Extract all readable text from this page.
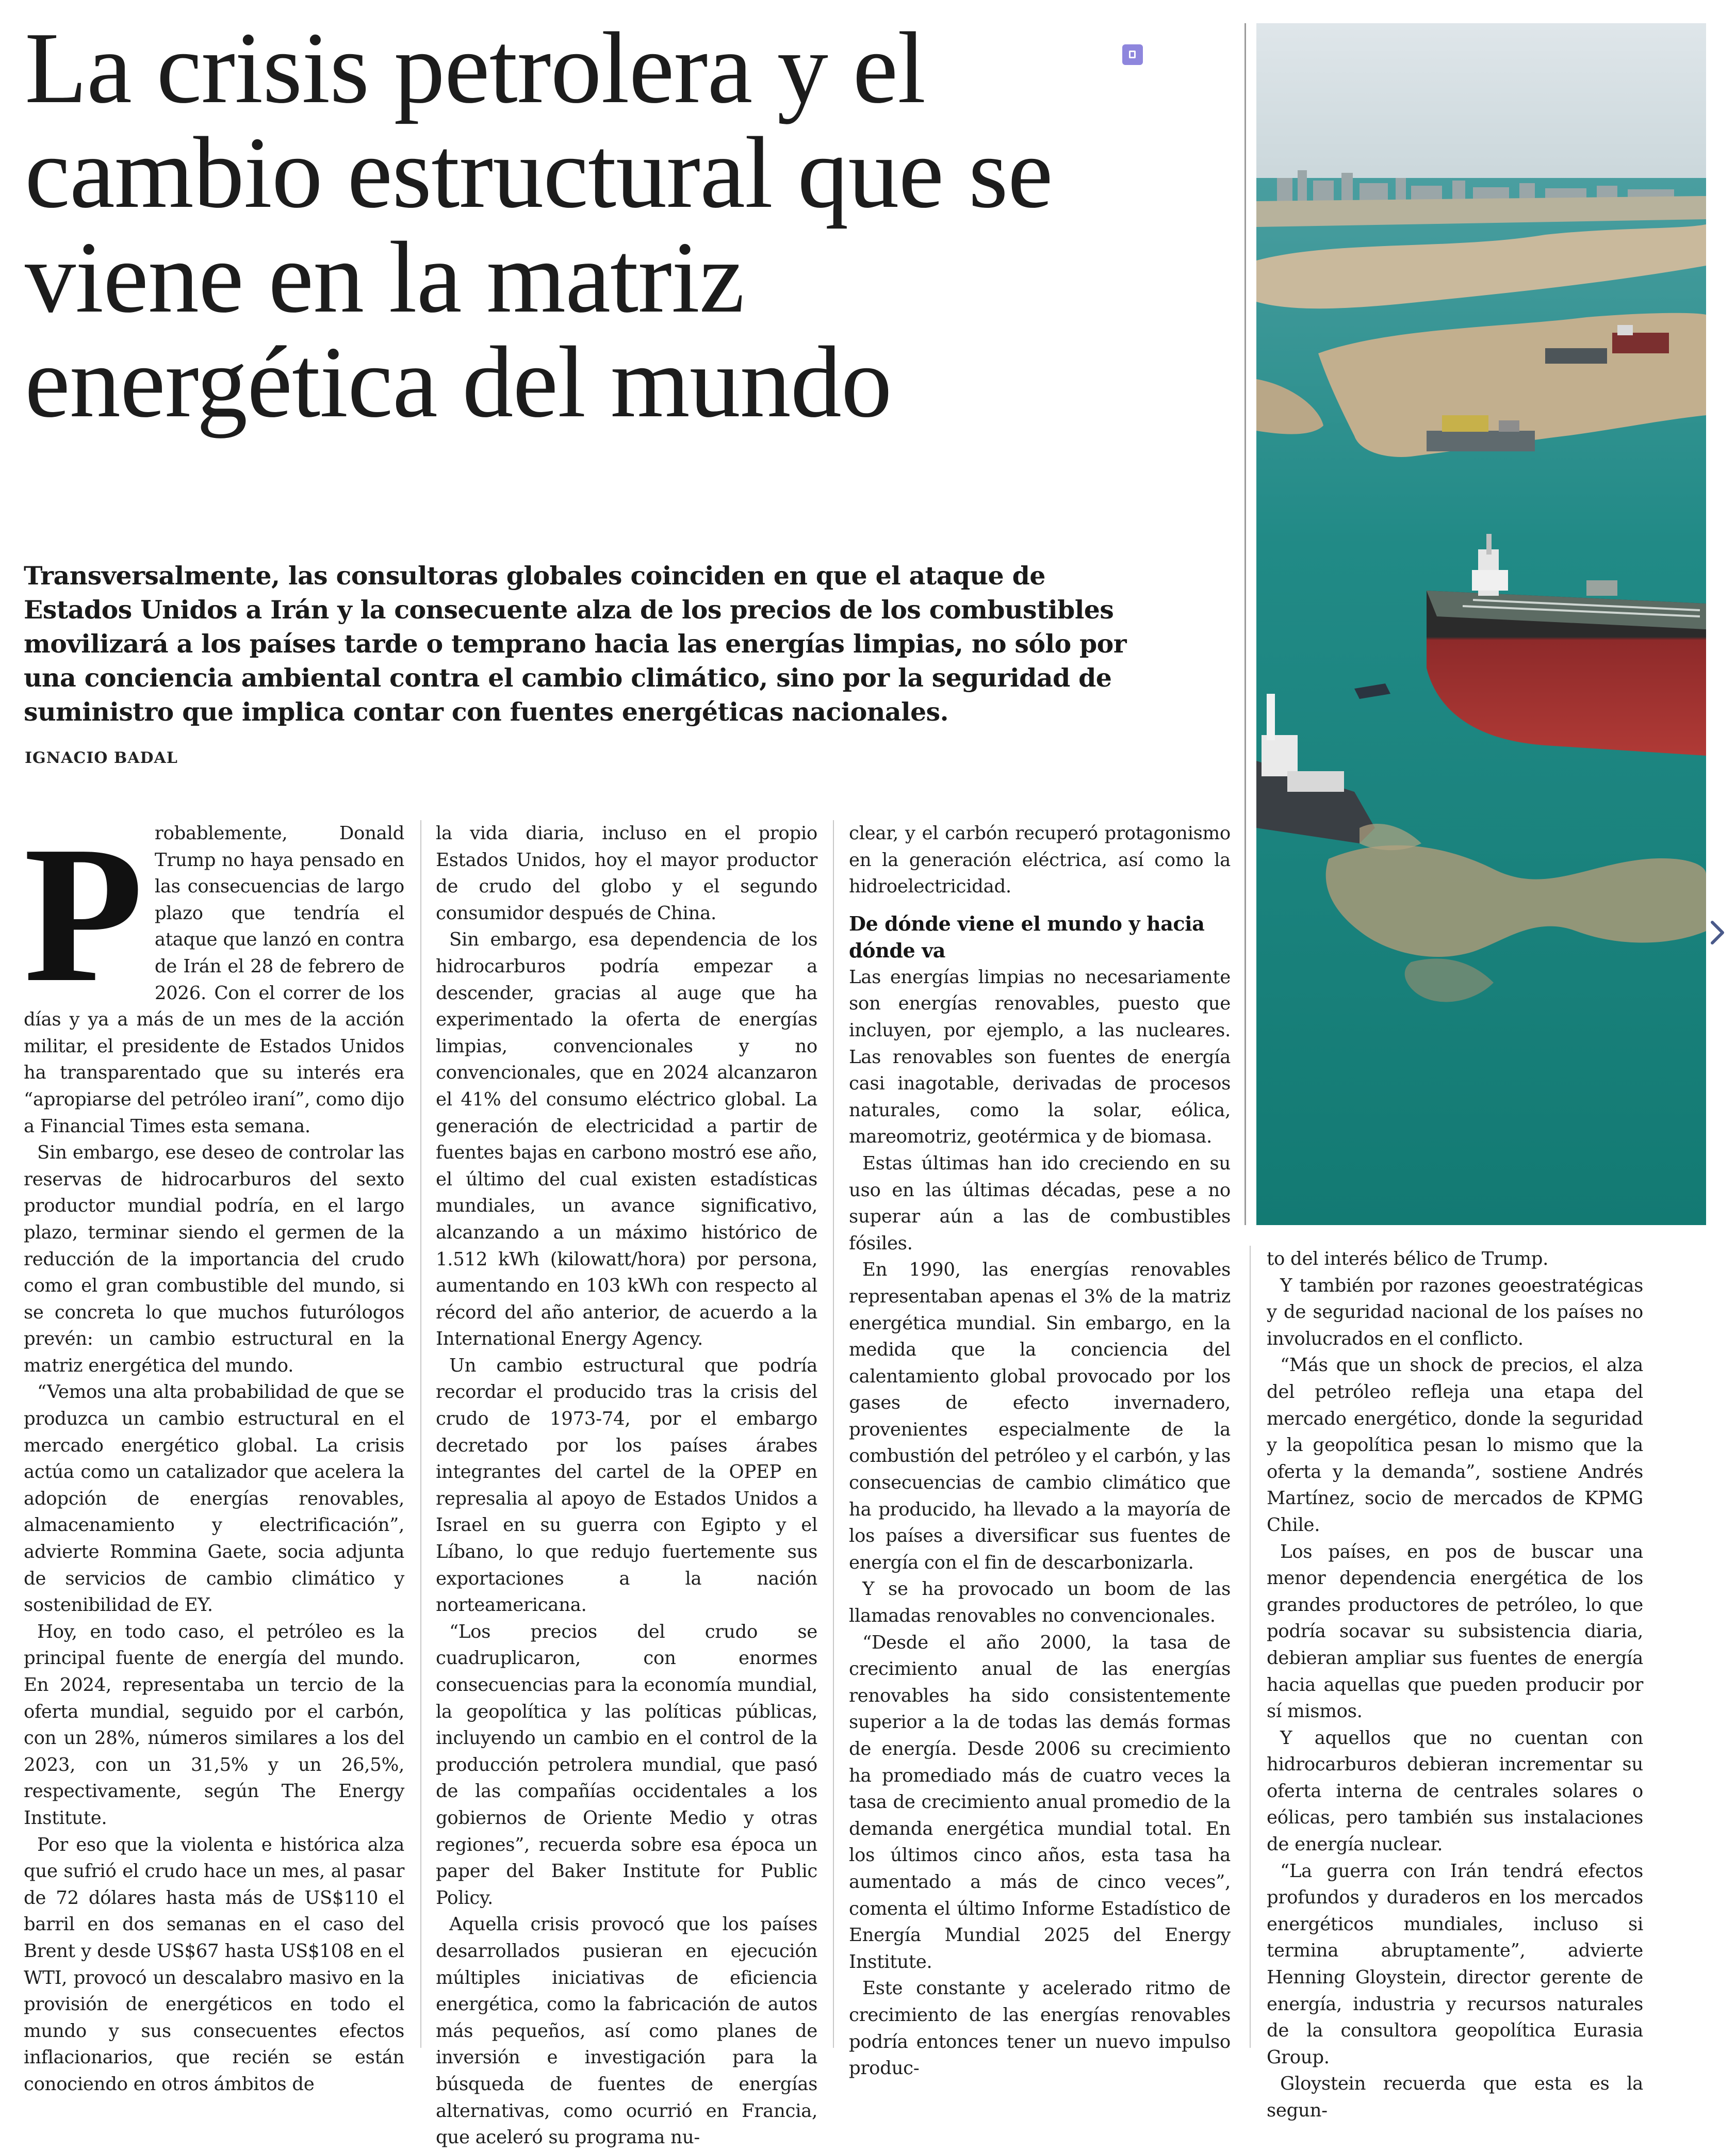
La crisis petrolera y el cambio estructural que se viene en la matriz energética del mundo

Transversalmente, las consultoras globales coinciden en que el ataque de Estados Unidos a Irán y la consecuente alza de los precios de los combustibles movilizará a los países tarde o temprano hacia las energías limpias, no sólo por una conciencia ambiental contra el cambio climático, sino por la seguridad de suministro que implica contar con fuentes energéticas nacionales.

IGNACIO BADAL

P robablemente, Donald Trump no haya pensado en las consecuencias de largo plazo que tendría el ataque que lanzó en contra de Irán el 28 de febrero de 2026. Con el correr de los días y ya a más de un mes de la acción militar, el presidente de Estados Unidos ha transparentado que su interés era “apropiarse del petróleo iraní”, como dijo a Financial Times esta semana.

Sin embargo, ese deseo de controlar las reservas de hidrocarburos del sexto productor mundial podría, en el largo plazo, terminar siendo el germen de la reducción de la importancia del crudo como el gran combustible del mundo, si se concreta lo que muchos futurólogos prevén: un cambio estructural en la matriz energética del mundo.

“Vemos una alta probabilidad de que se produzca un cambio estructural en el mercado energético global. La crisis actúa como un catalizador que acelera la adopción de energías renovables, almacenamiento y electrificación”, advierte Rommina Gaete, socia adjunta de servicios de cambio climático y sostenibilidad de EY.

Hoy, en todo caso, el petróleo es la principal fuente de energía del mundo. En 2024, representaba un tercio de la oferta mundial, seguido por el carbón, con un 28%, números similares a los del 2023, con un 31,5% y un 26,5%, respectivamente, según The Energy Institute.

Por eso que la violenta e histórica alza que sufrió el crudo hace un mes, al pasar de 72 dólares hasta más de US$110 el barril en dos semanas en el caso del Brent y desde US$67 hasta US$108 en el WTI, provocó un descalabro masivo en la provisión de energéticos en todo el mundo y sus consecuentes efectos inflacionarios, que recién se están conociendo en otros ámbitos de

la vida diaria, incluso en el propio Estados Unidos, hoy el mayor productor de crudo del globo y el segundo consumidor después de China.

Sin embargo, esa dependencia de los hidrocarburos podría empezar a descender, gracias al auge que ha experimentado la oferta de energías limpias, convencionales y no convencionales, que en 2024 alcanzaron el 41% del consumo eléctrico global. La generación de electricidad a partir de fuentes bajas en carbono mostró ese año, el último del cual existen estadísticas mundiales, un avance significativo, alcanzando a un máximo histórico de 1.512 kWh (kilowatt/hora) por persona, aumentando en 103 kWh con respecto al récord del año anterior, de acuerdo a la International Energy Agency.

Un cambio estructural que podría recordar el producido tras la crisis del crudo de 1973-74, por el embargo decretado por los países árabes integrantes del cartel de la OPEP en represalia al apoyo de Estados Unidos a Israel en su guerra con Egipto y el Líbano, lo que redujo fuertemente sus exportaciones a la nación norteamericana.

“Los precios del crudo se cuadruplicaron, con enormes consecuencias para la economía mundial, la geopolítica y las políticas públicas, incluyendo un cambio en el control de la producción petrolera mundial, que pasó de las compañías occidentales a los gobiernos de Oriente Medio y otras regiones”, recuerda sobre esa época un paper del Baker Institute for Public Policy.

Aquella crisis provocó que los países desarrollados pusieran en ejecución múltiples iniciativas de eficiencia energética, como la fabricación de autos más pequeños, así como planes de inversión e investigación para la búsqueda de fuentes de energías alternativas, como ocurrió en Francia, que aceleró su programa nu-

clear, y el carbón recuperó protagonismo en la generación eléctrica, así como la hidroelectricidad.

De dónde viene el mundo y hacia dónde va

Las energías limpias no necesariamente son energías renovables, puesto que incluyen, por ejemplo, a las nucleares. Las renovables son fuentes de energía casi inagotable, derivadas de procesos naturales, como la solar, eólica, mareomotriz, geotérmica y de biomasa.

Estas últimas han ido creciendo en su uso en las últimas décadas, pese a no superar aún a las de combustibles fósiles.

En 1990, las energías renovables representaban apenas el 3% de la matriz energética mundial. Sin embargo, en la medida que la conciencia del calentamiento global provocado por los gases de efecto invernadero, provenientes especialmente de la combustión del petróleo y el carbón, y las consecuencias de cambio climático que ha producido, ha llevado a la mayoría de los países a diversificar sus fuentes de energía con el fin de descarbonizarla.

Y se ha provocado un boom de las llamadas renovables no convencionales.

“Desde el año 2000, la tasa de crecimiento anual de las energías renovables ha sido consistentemente superior a la de todas las demás formas de energía. Desde 2006 su crecimiento ha promediado más de cuatro veces la tasa de crecimiento anual promedio de la demanda energética mundial total. En los últimos cinco años, esta tasa ha aumentado a más de cinco veces”, comenta el último Informe Estadístico de Energía Mundial 2025 del Energy Institute.

Este constante y acelerado ritmo de crecimiento de las energías renovables podría entonces tener un nuevo impulso produc-

to del interés bélico de Trump.

Y también por razones geoestratégicas y de seguridad nacional de los países no involucrados en el conflicto.

“Más que un shock de precios, el alza del petróleo refleja una etapa del mercado energético, donde la seguridad y la geopolítica pesan lo mismo que la oferta y la demanda”, sostiene Andrés Martínez, socio de mercados de KPMG Chile.

Los países, en pos de buscar una menor dependencia energética de los grandes productores de petróleo, lo que podría socavar su subsistencia diaria, debieran ampliar sus fuentes de energía hacia aquellas que pueden producir por sí mismos.

Y aquellos que no cuentan con hidrocarburos debieran incrementar su oferta interna de centrales solares o eólicas, pero también sus instalaciones de energía nuclear.

“La guerra con Irán tendrá efectos profundos y duraderos en los mercados energéticos mundiales, incluso si termina abruptamente”, advierte Henning Gloystein, director gerente de energía, industria y recursos naturales de la consultora geopolítica Eurasia Group.

Gloystein recuerda que esta es la segun-
